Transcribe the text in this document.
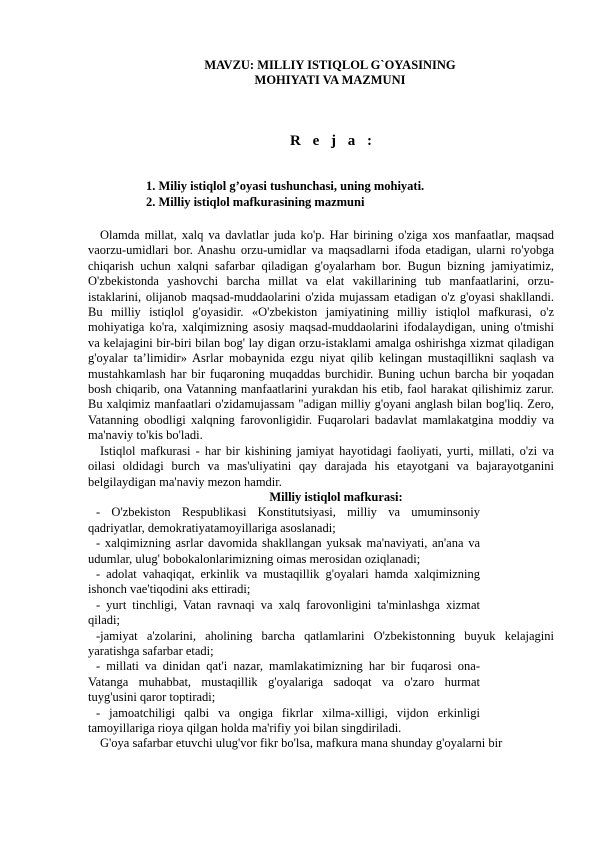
MAVZU: MILLIY ISTIQLOL G`OYASINING
MOHIYATI VA MAZMUNI
R e j a :
1. Miliy istiqlol g’oyasi tushunchasi, uning mohiyati.
2. Milliy istiqlol mafkurasining mazmuni

Olamda millat, xalq va davlatlar juda ko'p. Har birining o'ziga xos manfaatlar, maqsad vaorzu-umidlari bor. Anashu orzu-umidlar va maqsadlarni ifoda etadigan, ularni ro'yobga chiqarish uchun xalqni safarbar qiladigan g'oyalarham bor. Bugun bizning jamiyatimiz, O'zbekistonda yashovchi barcha millat va elat vakillarining tub manfaatlarini, orzu-istaklarini, olijanob maqsad-muddaolarini o'zida mujassam etadigan o'z g'oyasi shakllandi. Bu milliy istiqlol g'oyasidir. «O'zbekiston jamiyatining milliy istiqlol mafkurasi, o'z mohiyatiga ko'ra, xalqimizning asosiy maqsad-muddaolarini ifodalaydigan, uning o'tmishi va kelajagini bir-biri bilan bog' lay digan orzu-istaklami amalga oshirishga xizmat qiladigan g'oyalar ta’limidir» Asrlar mobaynida ezgu niyat qilib kelingan mustaqillikni saqlash va mustahkamlash har bir fuqaroning muqaddas burchidir. Buning uchun barcha bir yoqadan bosh chiqarib, ona Vatanning manfaatlarini yurakdan his etib, faol harakat qilishimiz zarur. Bu xalqimiz manfaatlari o'zidamujassam "adigan milliy g'oyani anglash bilan bog'liq. Zero, Vatanning obodligi xalqning farovonligidir. Fuqarolari badavlat mamlakatgina moddiy va ma'naviy to'kis bo'ladi.

Istiqlol mafkurasi - har bir kishining jamiyat hayotidagi faoliyati, yurti, millati, o'zi va oilasi oldidagi burch va mas'uliyatini qay darajada his etayotgani va bajarayotganini belgilaydigan ma'naviy mezon hamdir.

Milliy istiqlol mafkurasi:

- O'zbekiston Respublikasi Konstitutsiyasi, milliy va umuminsoniy qadriyatlar, demokratiyatamoyillariga asoslanadi;

- xalqimizning asrlar davomida shakllangan yuksak ma'naviyati, an'ana va udumlar, ulug' bobokalonlarimizning oimas merosidan oziqlanadi;

- adolat vahaqiqat, erkinlik va mustaqillik g'oyalari hamda xalqimizning ishonch vae'tiqodini aks ettiradi;

- yurt tinchligi, Vatan ravnaqi va xalq farovonligini ta'minlashga xizmat qiladi;

-jamiyat a'zolarini, aholining barcha qatlamlarini O'zbekistonning buyuk kelajagini yaratishga safarbar etadi;

- millati va dinidan qat'i nazar, mamlakatimizning har bir fuqarosi ona-Vatanga muhabbat, mustaqillik g'oyalariga sadoqat va o'zaro hurmat tuyg'usini qaror toptiradi;

- jamoatchiligi qalbi va ongiga fikrlar xilma-xilligi, vijdon erkinligi tamoyillariga rioya qilgan holda ma'rifiy yoi bilan singdiriladi.

G'oya safarbar etuvchi ulug'vor fikr bo'lsa, mafkura mana shunday g'oyalarni bir
